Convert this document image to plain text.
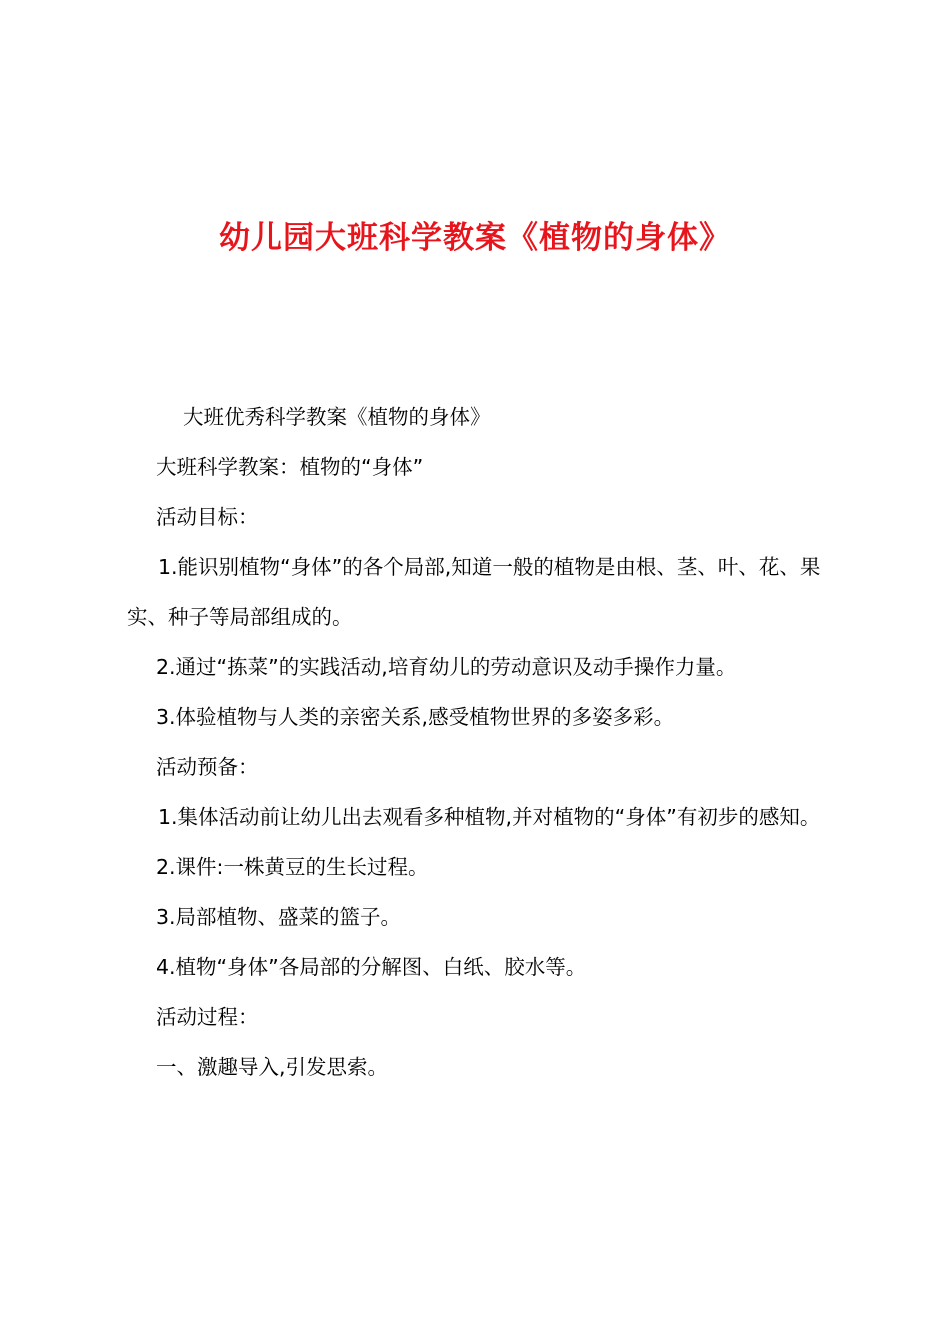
幼儿园大班科学教案《植物的身体》
大班优秀科学教案《植物的身体》
大班科学教案：植物的“身体”
活动目标：
1.能识别植物“身体”的各个局部,知道一般的植物是由根、茎、叶、花、果实、种子等局部组成的。
2.通过“拣菜”的实践活动,培育幼儿的劳动意识及动手操作力量。
3.体验植物与人类的亲密关系,感受植物世界的多姿多彩。
活动预备：
1.集体活动前让幼儿出去观看多种植物,并对植物的“身体”有初步的感知。
2.课件:一株黄豆的生长过程。
3.局部植物、盛菜的篮子。
4.植物“身体”各局部的分解图、白纸、胶水等。
活动过程：
一、激趣导入,引发思索。
